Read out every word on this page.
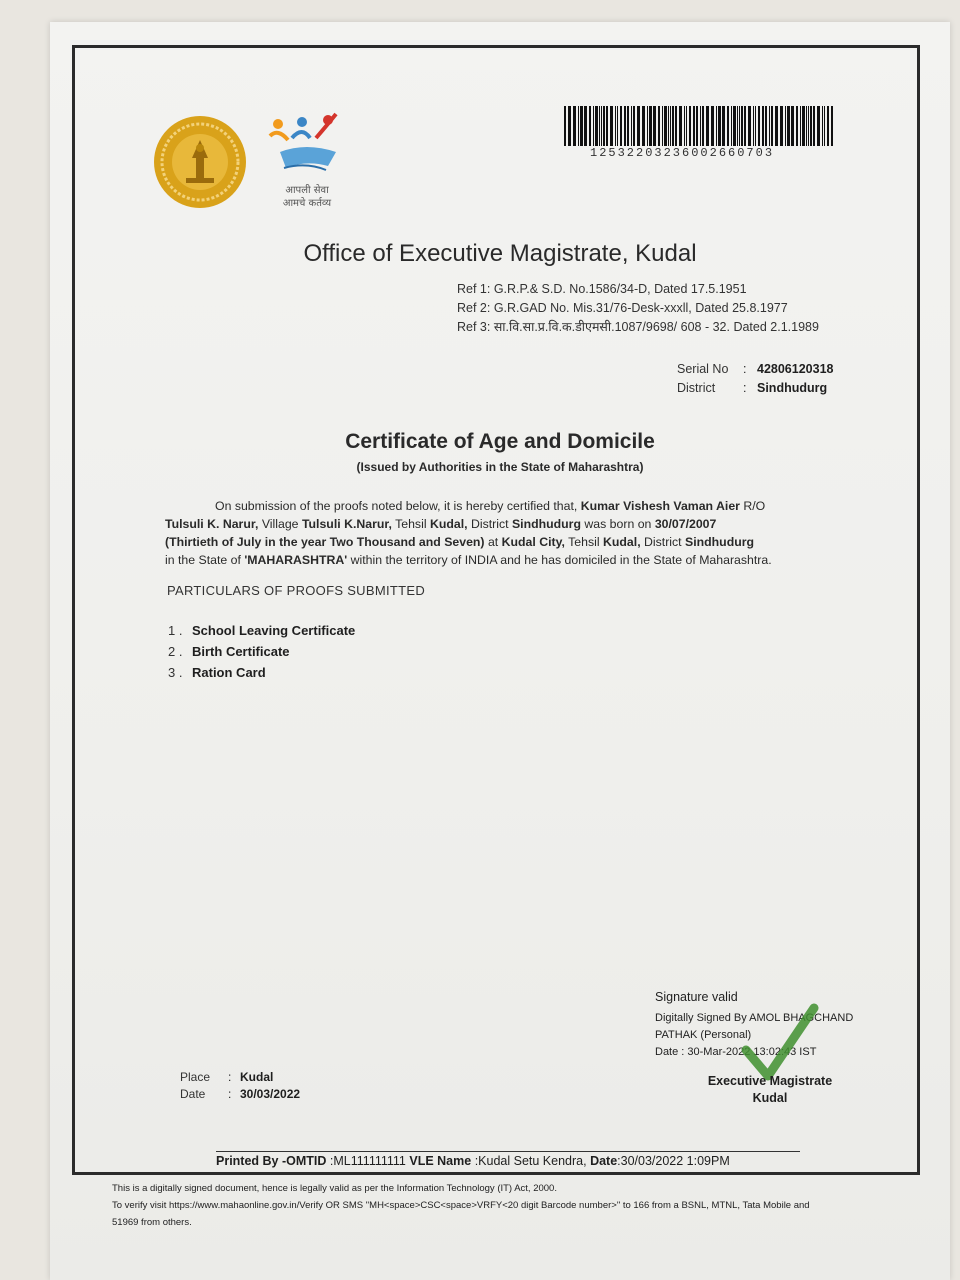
आपली सेवा
आमचे कर्तव्य
12532203236002660703
Office of Executive Magistrate, Kudal
Ref 1: G.R.P.& S.D. No.1586/34-D, Dated 17.5.1951
Ref 2: G.R.GAD No. Mis.31/76-Desk-xxxll, Dated 25.8.1977
Ref 3: सा.वि.सा.प्र.वि.क.डीएमसी.1087/9698/ 608 - 32. Dated 2.1.1989
Serial No : 42806120318
District : Sindhudurg
Certificate of Age and Domicile
(Issued by Authorities in the State of Maharashtra)
On submission of the proofs noted below, it is hereby certified that, Kumar Vishesh Vaman Aier R/O
Tulsuli K. Narur, Village Tulsuli K.Narur, Tehsil Kudal, District Sindhudurg was born on 30/07/2007
(Thirtieth of July in the year Two Thousand and Seven) at Kudal City, Tehsil Kudal, District Sindhudurg
in the State of 'MAHARASHTRA' within the territory of INDIA and he has domiciled in the State of Maharashtra.
PARTICULARS OF PROOFS SUBMITTED
1 . School Leaving Certificate
2 . Birth Certificate
3 . Ration Card
Signature valid
Digitally Signed By AMOL BHAGCHAND
PATHAK (Personal)
Date : 30-Mar-2022 13:02:43 IST
Executive Magistrate
Kudal
Place : Kudal
Date : 30/03/2022
Printed By -OMTID :ML111111111 VLE Name :Kudal Setu Kendra, Date:30/03/2022 1:09PM
This is a digitally signed document, hence is legally valid as per the Information Technology (IT) Act, 2000.
To verify visit https://www.mahaonline.gov.in/Verify OR SMS "MH<space>CSC<space>VRFY<20 digit Barcode number>" to 166 from a BSNL, MTNL, Tata Mobile and
51969 from others.
